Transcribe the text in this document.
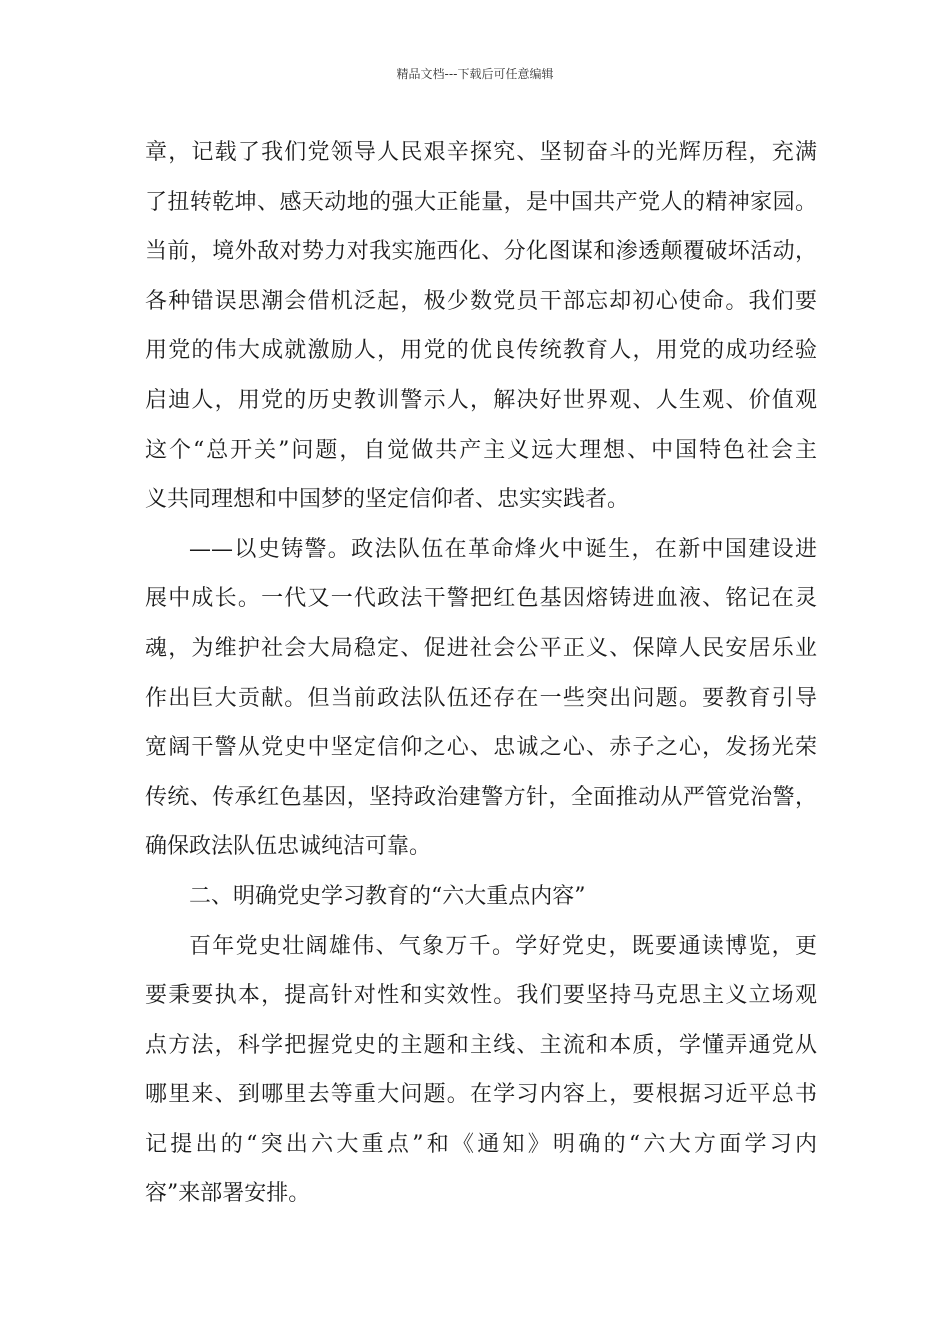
精品文档---下载后可任意编辑
章，记载了我们党领导人民艰辛探究、坚韧奋斗的光辉历程，充满
了扭转乾坤、感天动地的强大正能量，是中国共产党人的精神家园。
当前，境外敌对势力对我实施西化、分化图谋和渗透颠覆破坏活动，
各种错误思潮会借机泛起，极少数党员干部忘却初心使命。我们要
用党的伟大成就激励人，用党的优良传统教育人，用党的成功经验
启迪人，用党的历史教训警示人，解决好世界观、人生观、价值观
这个“总开关”问题，自觉做共产主义远大理想、中国特色社会主
义共同理想和中国梦的坚定信仰者、忠实实践者。
——以史铸警。政法队伍在革命烽火中诞生，在新中国建设进
展中成长。一代又一代政法干警把红色基因熔铸进血液、铭记在灵
魂，为维护社会大局稳定、促进社会公平正义、保障人民安居乐业
作出巨大贡献。但当前政法队伍还存在一些突出问题。要教育引导
宽阔干警从党史中坚定信仰之心、忠诚之心、赤子之心，发扬光荣
传统、传承红色基因，坚持政治建警方针，全面推动从严管党治警，
确保政法队伍忠诚纯洁可靠。
二、明确党史学习教育的“六大重点内容”
百年党史壮阔雄伟、气象万千。学好党史，既要通读博览，更
要秉要执本，提高针对性和实效性。我们要坚持马克思主义立场观
点方法，科学把握党史的主题和主线、主流和本质，学懂弄通党从
哪里来、到哪里去等重大问题。在学习内容上，要根据习近平总书
记提出的“突出六大重点”和《通知》明确的“六大方面学习内
容”来部署安排。
